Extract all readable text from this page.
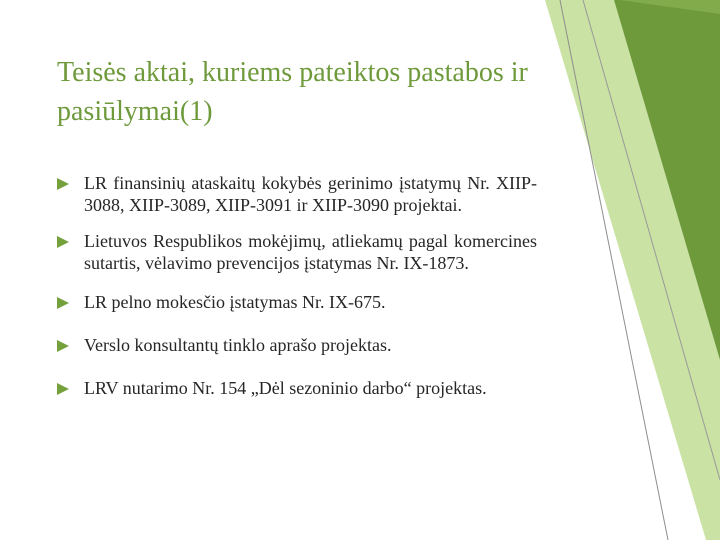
Teisės aktai, kuriems pateiktos pastabos ir pasiūlymai(1)
LR finansinių ataskaitų kokybės gerinimo įstatymų Nr. XIIP-3088, XIIP-3089, XIIP-3091 ir XIIP-3090 projektai.
Lietuvos Respublikos mokėjimų, atliekamų pagal komercines sutartis, vėlavimo prevencijos įstatymas Nr. IX-1873.
LR pelno mokesčio įstatymas Nr. IX-675.
Verslo konsultantų tinklo aprašo projektas.
LRV nutarimo Nr. 154 „Dėl sezoninio darbo“ projektas.
